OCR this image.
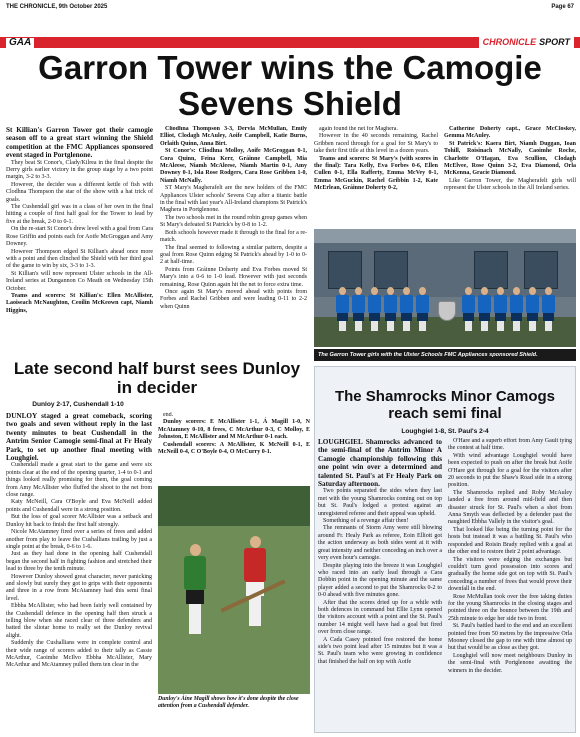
THE CHRONICLE, 9th October 2025	Page 67
GAA	CHRONICLE SPORT
Garron Tower wins the Camogie Sevens Shield

St Killian's Garron Tower got their camogie season off to a great start winning the Shield competition at the FMC Appliances sponsored event staged in Portglenone.

They beat St Conor's, Clady/Kilrea in the final despite the Derry girls earlier victory in the group stage by a two point margin, 3-2 to 3-3.

However, the decider was a different kettle of fish with Clodhna Thompson the star of the show with a hat trick of goals.

The Cushendall girl was in a class of her own in the final hitting a couple of first half goal for the Tower to lead by five at the break, 2-0 to 0-1.

On the re-start St Conor's drew level with a goal from Cara Rose Griffin and points each for Aoife McGroggan and Amy Downey.

However Thompson edged St Killian's ahead once more with a point and then clinched the Shield with her third goal of the game to win by six, 3-3 to 1-3.

St Killian's will now represent Ulster schools in the All-Ireland series at Dungannon Co Meath on Wednesday 15th October.

Teams and scorers: St Killian's: Ellen McAllister, Laoiseach McNaughton, Ceoilin McKeown capt, Niamh Higgins,

Cliodhna Thompson 3-3, Dervla McMullan, Emily Elliot, Clodagh McAuley, Aoife Campbell, Katie Burns, Orlaith Quinn, Anna Birt.

St Conor's: Cliodhna Molloy, Aoife McGroggan 0-1, Cora Quinn, Feina Kerr, Gráinne Campbell, Mia McAleese, Niamh McAleese, Niamh Martin 0-1, Amy Downey 0-1, Isla Rose Rodgers, Cara Rose Gribben 1-0, Niamh McNally.

ST Mary's Magherafelt are the new holders of the FMC Appliances Ulster schools' Sevens Cup after a titanic battle in the final with last year's All-Ireland champions St Patrick's Maghera in Portglenone.

The two schools met in the round robin group games when St Mary's defeated St Patrick's by 0-8 to 1-2.

Both schools however made it through to the final for a re-match.

The final seemed to following a similar pattern, despite a goal from Rose Quinn edging St Patrick's ahead by 1-0 to 0-2 at half-time.

Points from Gráinne Doherty and Eva Forbes moved St Mary's into a 0-6 to 1-0 lead. However with just seconds remaining, Rose Quinn again hit the net to force extra time.

Once again St Mary's moved ahead with points from Forbes and Rachel Gribben and were leading 0-11 to 2-2 when Quinn

again found the net for Maghera.

However in the 40 seconds remaining, Rachel Gribben raced through for a goal for St Mary's to take their first title at this level in a dozen years.

Teams and scorers: St Mary's (with scores in the final): Tara Kelly, Eva Forbes 0-6, Ellen Cullen 0-1, Ella Rafferty, Emma McVey 0-1, Emma McGuckin, Rachel Gribbin 1-2, Kate McErlean, Gráinne Doherty 0-2,

Catherine Doherty capt., Grace McCloskey, Gemma McAuley.

St Patrick's: Kaera Birt, Niamh Duggan, Ioan Tohill, Roisinach McNally, Caoimhe Roche, Charlotte O'Hagan, Eva Scullion, Clodagh McElvee, Rose Quinn 3-2, Eva Diamond, Orla McKenna, Gracie Diamond.

Like Garron Tower, the Magherafelt girls will represent the Ulster schools in the All Ireland series.

The Garron Tower girls with the Ulster Schools FMC Appliances sponsored Shield.
Late second half burst sees Dunloy in decider
Dunloy 2-17, Cushendall 1-10

DUNLOY staged a great comeback, scoring two goals and seven without reply in the last twenty minutes to beat Cushendall in the Antrim Senior Camogie semi-final at Fr Healy Park, to set up another final meeting with Loughgiel.

Cushendall made a great start to the game and were six points clear at the end of the opening quarter, 1-4 to 0-1 and things looked really promising for them, the goal coming from Amy McAllister who fluffed the shoot to the net from close range.

Katy McNeill, Cara O'Boyle and Eva McNeill added points and Cushendall were in a strong position.

But the loss of goal scorer McAllister was a setback and Dunloy hit back to finish the first half strongly.

Nicole McAtamney fired over a series of frees and added another from play to leave the Cushallians trailing by just a single point at the break, 0-6 to 1-6.

Just as they had done in the opening half Cushendall began the second half in fighting fashion and stretched their lead to three by the tenth minute.

However Dunloy showed great character, never panicking and slowly but surely they got to grips with their opponents and three in a row from McAtamney had this semi final level.

Ebbha McAllister, who had been fairly well contained by the Cushendall defence in the opening half then struck a telling blow when she raced clear of three defenders and batted the sliotar home to really set the Dunloy revival alight.

Suddenly the Cushallians were in complete control and their wide range of scorers added to their tally as Cassie McArthur, Caoimhe McIlvo Ebbha McAllister, Mary McArthur and McAtamney pulled them ten clear in the

end.

Dunloy scorers: E McAllister 1-1, Á Magill 1-0, N McAtamney 0-10, 8 frees, C McArthur 0-3, C Molloy, E Johnston, E McAllister and M McArthur 0-1 each.

Cushendall scorers: A McAllister, K McNeill 0-1, E McNeill 0-4, C O'Boyle 0-4, O McCurry 0-1.

Dunloy's Áine Magill shows how it's done despite the close attention from a Cushendall defender.
The Shamrocks Minor Camogs reach semi final
Loughgiel 1-8, St. Paul's 2-4

LOUGHGIEL Shamrocks advanced to the semi-final of the Antrim Minor A Camogie championship following this one point win over a determined and talented St. Paul's at Fr Healy Park on Saturday afternoon.

Two points separated the sides when they last met with the young Shamrocks coming out on top but St. Paul's lodged a protest against an unregistered referee and their appeal was upheld.

Something of a revenge affair then!

The remnants of Storm Amy were still blowing around Fr. Healy Park as referee, Eoin Elliott got the action underway as both sides went at it with great intensity and neither conceding an inch over a very even hour's camogie.

Despite playing into the breeze it was Loughgiel who raced into an early lead through a Cara Dobbin point in the opening minute and the same player added a second to put the Shamrocks 0-2 to 0-0 ahead with five minutes gone.

After that the scores dried up for a while with both defences in command but Ellie Lynn opened the visitors account with a point and the St. Paul's number 14 might well have had a goal but fired over from close range.

A Cada Casey pointed free restored the home side's two point lead after 15 minutes but it was a St. Paul's team who were growing in confidence that finished the half on top with Aoife

O'Hare and a superb effort from Amy Gault tying the contest at half time.

With wind advantage Loughgiel would have been expected to push on after the break but Aoife O'Hare got through for a goal for the visitors after 20 seconds to put the Shaw's Road side in a strong position.

The Shamrocks replied and Roby McAuley landed a free from around mid-field and then disaster struck for St. Paul's when a shot from Anna Smyth was deflected by a defender past the naughted Ebbha Vallely in the visitor's goal.

That looked like being the turning point for the hosts but instead it was a battling St. Paul's who responded and Roisin Brady replied with a goal at the other end to restore their 2 point advantage.

The visitors were edging the exchanges but couldn't turn good possession into scores and gradually the home side got on top with St. Paul's conceding a number of frees that would prove their downfall in the end.

Rose McMullan took over the free taking duties for the young Shamrocks in the closing stages and pointed three on the bounce between the 19th and 25th minute to edge her side two in front.

St. Paul's battled hard to the end and an excellent pointed free from 50 metres by the impressive Orla Mooney closed the gap to one with time almost up but that would be as close as they got.

Loughgiel will now meet neighbours Dunloy in the semi-final with Portglenone awaiting the winners in the decider.
